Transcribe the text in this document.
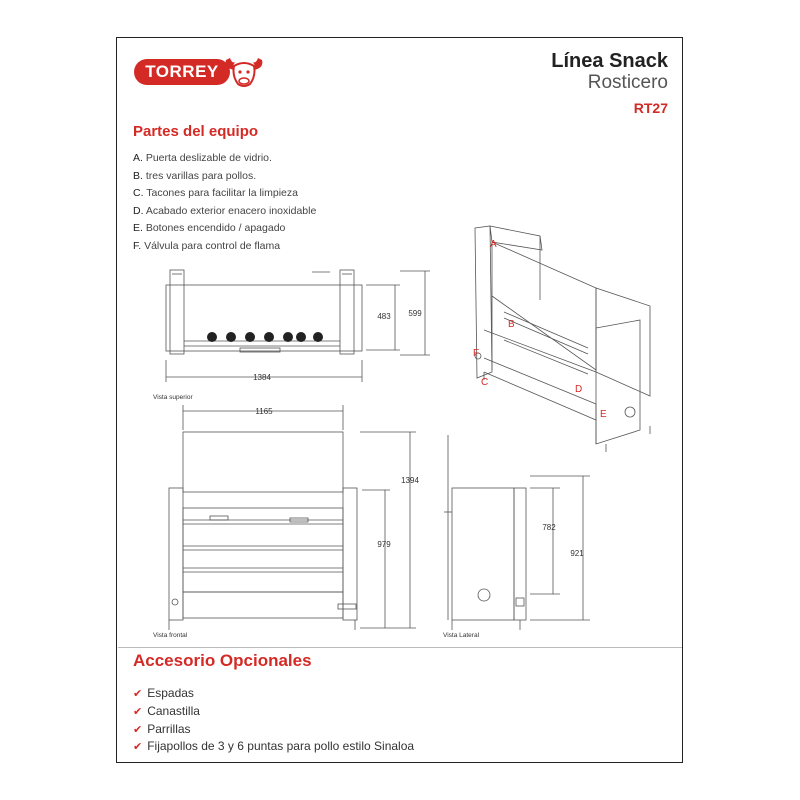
TORREY	Línea Snack
Rosticero
RT27
Partes del equipo
A. Puerta deslizable de vidrio.
B. tres varillas para pollos.
C. Tacones para facilitar la limpieza
D. Acabado exterior enacero inoxidable
E. Botones encendido / apagado
F. Válvula para control de flama
483 599
1384
Vista superior
1165
1394
979
Vista frontal
782
921
Vista Lateral
A
B
C
D
E
F
Accesorio Opcionales
✔ Espadas
✔ Canastilla
✔ Parrillas
✔ Fijapollos de 3 y 6 puntas para pollo estilo Sinaloa
